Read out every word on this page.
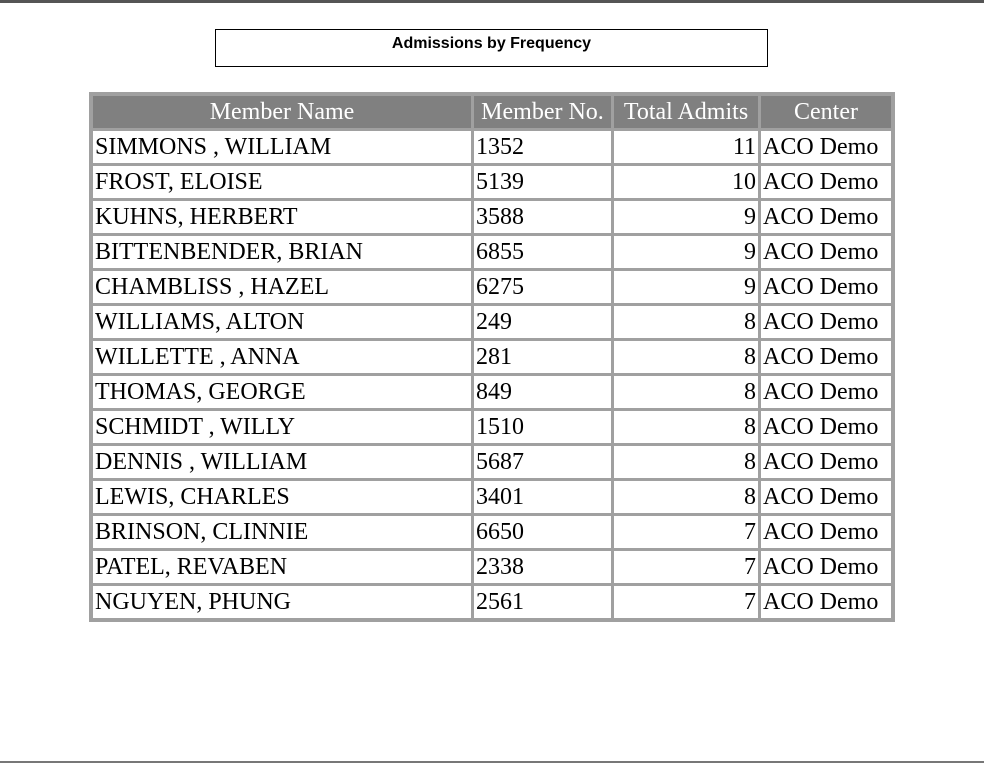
Admissions by Frequency
Member Name	Member No.	Total Admits	Center
SIMMONS , WILLIAM	1352	11	ACO Demo
FROST, ELOISE	5139	10	ACO Demo
KUHNS, HERBERT	3588	9	ACO Demo
BITTENBENDER, BRIAN	6855	9	ACO Demo
CHAMBLISS , HAZEL	6275	9	ACO Demo
WILLIAMS, ALTON	249	8	ACO Demo
WILLETTE , ANNA	281	8	ACO Demo
THOMAS, GEORGE	849	8	ACO Demo
SCHMIDT , WILLY	1510	8	ACO Demo
DENNIS , WILLIAM	5687	8	ACO Demo
LEWIS, CHARLES	3401	8	ACO Demo
BRINSON, CLINNIE	6650	7	ACO Demo
PATEL, REVABEN	2338	7	ACO Demo
NGUYEN, PHUNG	2561	7	ACO Demo
